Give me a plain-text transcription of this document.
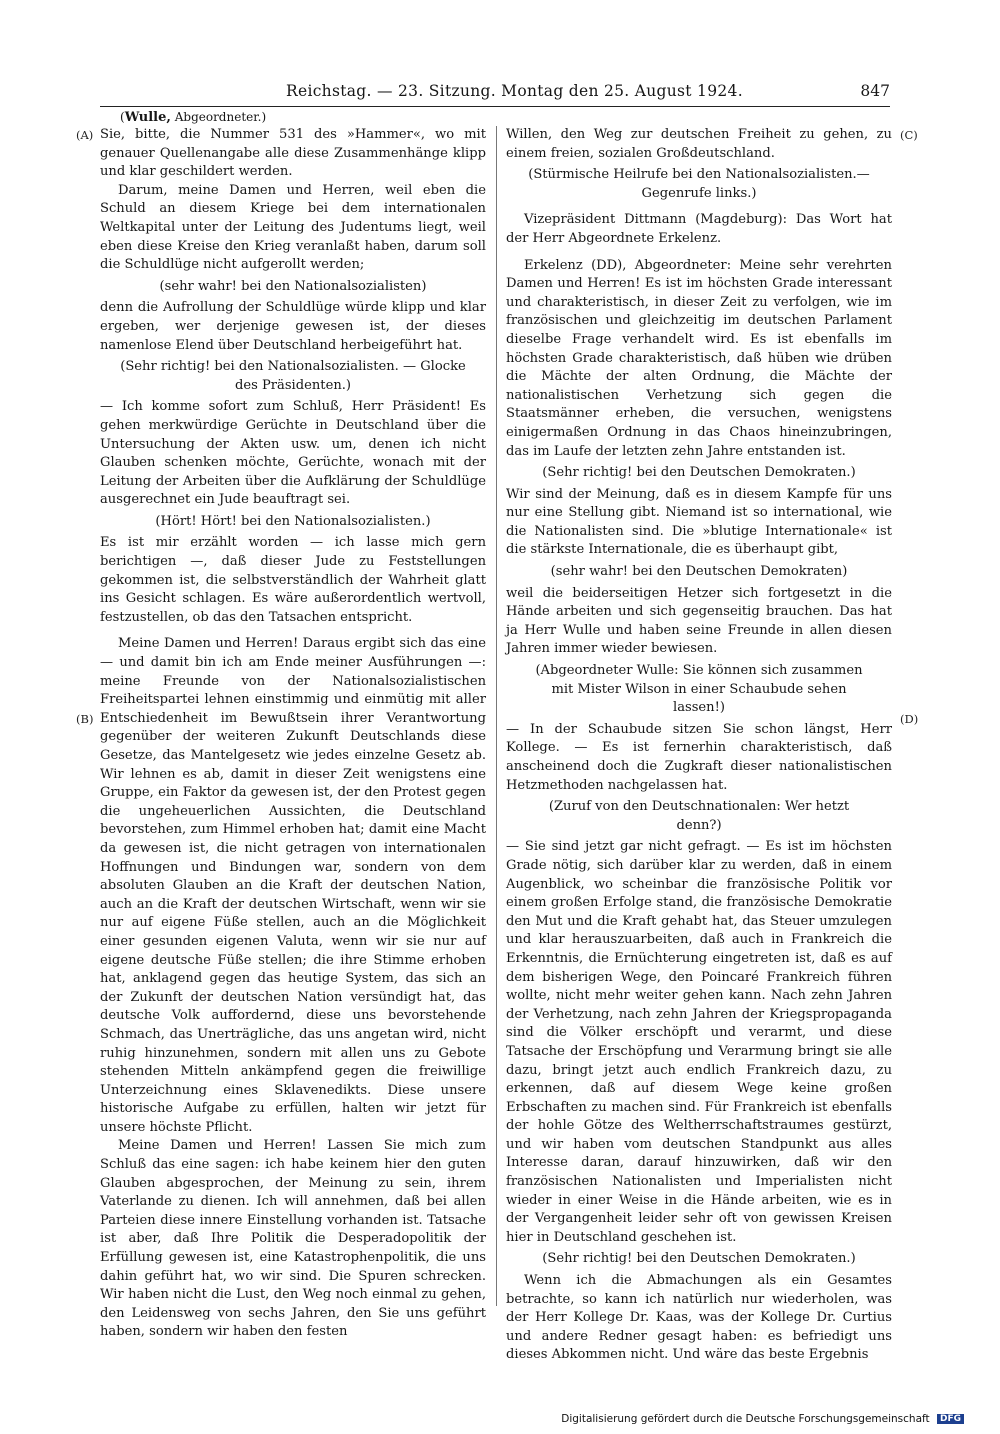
Reichstag. — 23. Sitzung. Montag den 25. August 1924.	847
(Wulle, Abgeordneter.)
(A)
(B)
(C)
(D)

Sie, bitte, die Nummer 531 des »Hammer«, wo mit genauer Quellenangabe alle diese Zusammenhänge klipp und klar geschildert werden.

Darum, meine Damen und Herren, weil eben die Schuld an diesem Kriege bei dem internationalen Weltkapital unter der Leitung des Judentums liegt, weil eben diese Kreise den Krieg veranlaßt haben, darum soll die Schuldlüge nicht aufgerollt werden;

(sehr wahr! bei den Nationalsozialisten)

denn die Aufrollung der Schuldlüge würde klipp und klar ergeben, wer derjenige gewesen ist, der dieses namenlose Elend über Deutschland herbeigeführt hat.

(Sehr richtig! bei den Nationalsozialisten. — Glocke des Präsidenten.)

— Ich komme sofort zum Schluß, Herr Präsident! Es gehen merkwürdige Gerüchte in Deutschland über die Untersuchung der Akten usw. um, denen ich nicht Glauben schenken möchte, Gerüchte, wonach mit der Leitung der Arbeiten über die Aufklärung der Schuldlüge ausgerechnet ein Jude beauftragt sei.

(Hört! Hört! bei den Nationalsozialisten.)

Es ist mir erzählt worden — ich lasse mich gern berichtigen —, daß dieser Jude zu Feststellungen gekommen ist, die selbstverständlich der Wahrheit glatt ins Gesicht schlagen. Es wäre außerordentlich wertvoll, festzustellen, ob das den Tatsachen entspricht.

Meine Damen und Herren! Daraus ergibt sich das eine — und damit bin ich am Ende meiner Ausführungen —: meine Freunde von der Nationalsozialistischen Freiheitspartei lehnen einstimmig und einmütig mit aller Entschiedenheit im Bewußtsein ihrer Verantwortung gegenüber der weiteren Zukunft Deutschlands diese Gesetze, das Mantelgesetz wie jedes einzelne Gesetz ab. Wir lehnen es ab, damit in dieser Zeit wenigstens eine Gruppe, ein Faktor da gewesen ist, der den Protest gegen die ungeheuerlichen Aussichten, die Deutschland bevorstehen, zum Himmel erhoben hat; damit eine Macht da gewesen ist, die nicht getragen von internationalen Hoffnungen und Bindungen war, sondern von dem absoluten Glauben an die Kraft der deutschen Nation, auch an die Kraft der deutschen Wirtschaft, wenn wir sie nur auf eigene Füße stellen, auch an die Möglichkeit einer gesunden eigenen Valuta, wenn wir sie nur auf eigene deutsche Füße stellen; die ihre Stimme erhoben hat, anklagend gegen das heutige System, das sich an der Zukunft der deutschen Nation versündigt hat, das deutsche Volk auffordernd, diese uns bevorstehende Schmach, das Unerträgliche, das uns angetan wird, nicht ruhig hinzunehmen, sondern mit allen uns zu Gebote stehenden Mitteln ankämpfend gegen die freiwillige Unterzeichnung eines Sklavenedikts. Diese unsere historische Aufgabe zu erfüllen, halten wir jetzt für unsere höchste Pflicht.

Meine Damen und Herren! Lassen Sie mich zum Schluß das eine sagen: ich habe keinem hier den guten Glauben abgesprochen, der Meinung zu sein, ihrem Vaterlande zu dienen. Ich will annehmen, daß bei allen Parteien diese innere Einstellung vorhanden ist. Tatsache ist aber, daß Ihre Politik die Desperadopolitik der Erfüllung gewesen ist, eine Katastrophenpolitik, die uns dahin geführt hat, wo wir sind. Die Spuren schrecken. Wir haben nicht die Lust, den Weg noch einmal zu gehen, den Leidensweg von sechs Jahren, den Sie uns geführt haben, sondern wir haben den festen

Willen, den Weg zur deutschen Freiheit zu gehen, zu einem freien, sozialen Großdeutschland.

(Stürmische Heilrufe bei den Nationalsozialisten.— Gegenrufe links.)

Vizepräsident Dittmann (Magdeburg): Das Wort hat der Herr Abgeordnete Erkelenz.

Erkelenz (DD), Abgeordneter: Meine sehr verehrten Damen und Herren! Es ist im höchsten Grade interessant und charakteristisch, in dieser Zeit zu verfolgen, wie im französischen und gleichzeitig im deutschen Parlament dieselbe Frage verhandelt wird. Es ist ebenfalls im höchsten Grade charakteristisch, daß hüben wie drüben die Mächte der alten Ordnung, die Mächte der nationalistischen Verhetzung sich gegen die Staatsmänner erheben, die versuchen, wenigstens einigermaßen Ordnung in das Chaos hineinzubringen, das im Laufe der letzten zehn Jahre entstanden ist.

(Sehr richtig! bei den Deutschen Demokraten.)

Wir sind der Meinung, daß es in diesem Kampfe für uns nur eine Stellung gibt. Niemand ist so international, wie die Nationalisten sind. Die »blutige Internationale« ist die stärkste Internationale, die es überhaupt gibt,

(sehr wahr! bei den Deutschen Demokraten)

weil die beiderseitigen Hetzer sich fortgesetzt in die Hände arbeiten und sich gegenseitig brauchen. Das hat ja Herr Wulle und haben seine Freunde in allen diesen Jahren immer wieder bewiesen.

(Abgeordneter Wulle: Sie können sich zusammen mit Mister Wilson in einer Schaubude sehen lassen!)

— In der Schaubude sitzen Sie schon längst, Herr Kollege. — Es ist fernerhin charakteristisch, daß anscheinend doch die Zugkraft dieser nationalistischen Hetzmethoden nachgelassen hat.

(Zuruf von den Deutschnationalen: Wer hetzt denn?)

— Sie sind jetzt gar nicht gefragt. — Es ist im höchsten Grade nötig, sich darüber klar zu werden, daß in einem Augenblick, wo scheinbar die französische Politik vor einem großen Erfolge stand, die französische Demokratie den Mut und die Kraft gehabt hat, das Steuer umzulegen und klar herauszuarbeiten, daß auch in Frankreich die Erkenntnis, die Ernüchterung eingetreten ist, daß es auf dem bisherigen Wege, den Poincaré Frankreich führen wollte, nicht mehr weiter gehen kann. Nach zehn Jahren der Verhetzung, nach zehn Jahren der Kriegspropaganda sind die Völker erschöpft und verarmt, und diese Tatsache der Erschöpfung und Verarmung bringt sie alle dazu, bringt jetzt auch endlich Frankreich dazu, zu erkennen, daß auf diesem Wege keine großen Erbschaften zu machen sind. Für Frankreich ist ebenfalls der hohle Götze des Weltherrschaftstraumes gestürzt, und wir haben vom deutschen Standpunkt aus alles Interesse daran, darauf hinzuwirken, daß wir den französischen Nationalisten und Imperialisten nicht wieder in einer Weise in die Hände arbeiten, wie es in der Vergangenheit leider sehr oft von gewissen Kreisen hier in Deutschland geschehen ist.

(Sehr richtig! bei den Deutschen Demokraten.)

Wenn ich die Abmachungen als ein Gesamtes betrachte, so kann ich natürlich nur wiederholen, was der Herr Kollege Dr. Kaas, was der Kollege Dr. Curtius und andere Redner gesagt haben: es befriedigt uns dieses Abkommen nicht. Und wäre das beste Ergebnis

Digitalisierung gefördert durch die Deutsche Forschungsgemeinschaft DFG
